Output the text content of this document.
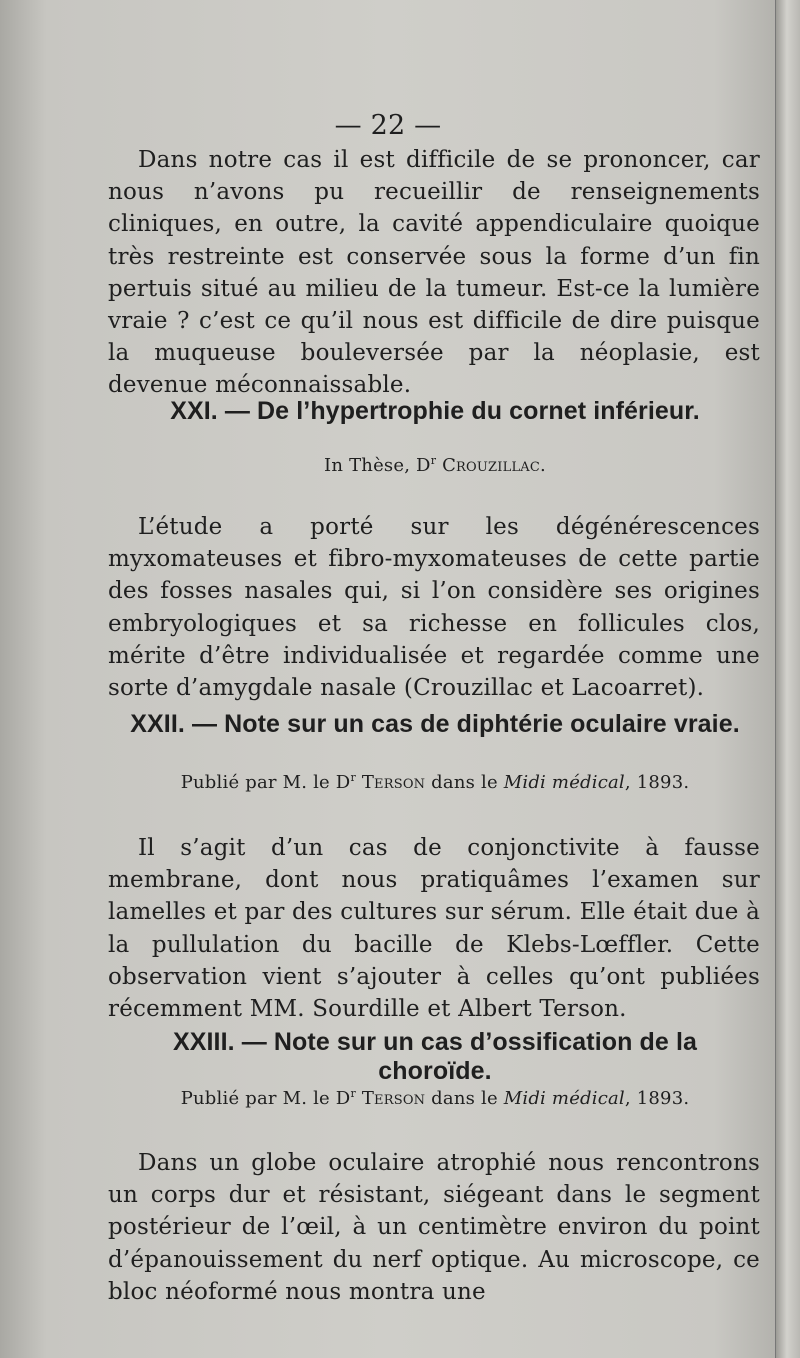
— 22 —
Dans notre cas il est difficile de se prononcer, car nous n’avons pu recueillir de renseignements cliniques, en outre, la cavité appendiculaire quoique très restreinte est conservée sous la forme d’un fin pertuis situé au milieu de la tumeur. Est-ce la lumière vraie ? c’est ce qu’il nous est difficile de dire puisque la muqueuse bouleversée par la néoplasie, est devenue méconnaissable.
XXI. — De l’hypertrophie du cornet inférieur.
In Thèse, $D^r$ Crouzillac.
L’étude a porté sur les dégénérescences myxomateuses et fibro-myxomateuses de cette partie des fosses nasales qui, si l’on considère ses origines embryologiques et sa richesse en follicules clos, mérite d’être individualisée et regardée comme une sorte d’amygdale nasale (Crouzillac et Lacoarret).
XXII. — Note sur un cas de diphtérie oculaire vraie.
Publié par M. le $D^r$ Terson dans le Midi médical, 1893.
Il s’agit d’un cas de conjonctivite à fausse membrane, dont nous pratiquâmes l’examen sur lamelles et par des cultures sur sérum. Elle était due à la pullulation du bacille de Klebs-Lœffler. Cette observation vient s’ajouter à celles qu’ont publiées récemment MM. Sourdille et Albert Terson.
XXIII. — Note sur un cas d’ossification de la choroïde.
Publié par M. le $D^r$ Terson dans le Midi médical, 1893.
Dans un globe oculaire atrophié nous rencontrons un corps dur et résistant, siégeant dans le segment postérieur de l’œil, à un centimètre environ du point d’épanouissement du nerf optique. Au microscope, ce bloc néoformé nous montra une
